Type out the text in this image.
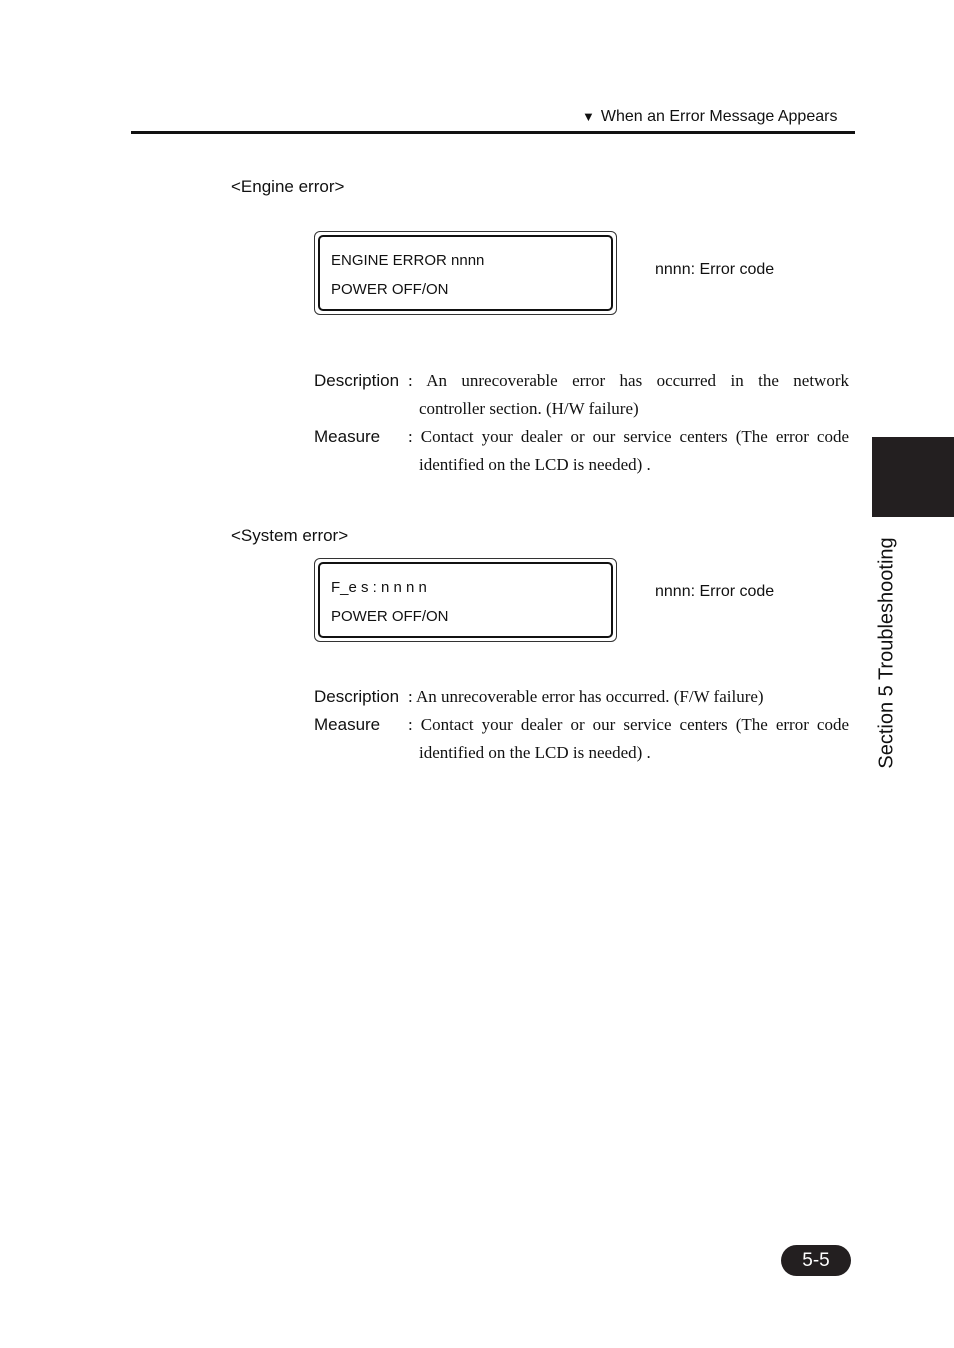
▼ When an Error Message Appears
<Engine error>
ENGINE ERROR nnnn
POWER OFF/ON
nnnn: Error code
Description : An unrecoverable error has occurred in the network
controller section. (H/W failure)
Measure : Contact your dealer or our service centers (The error code
identified on the LCD is needed) .
<System error>
F_e s : n n n n
POWER OFF/ON
nnnn: Error code
Description : An unrecoverable error has occurred. (F/W failure)
Measure : Contact your dealer or our service centers (The error code
identified on the LCD is needed) .	Section 5 Troubleshooting
5-5
